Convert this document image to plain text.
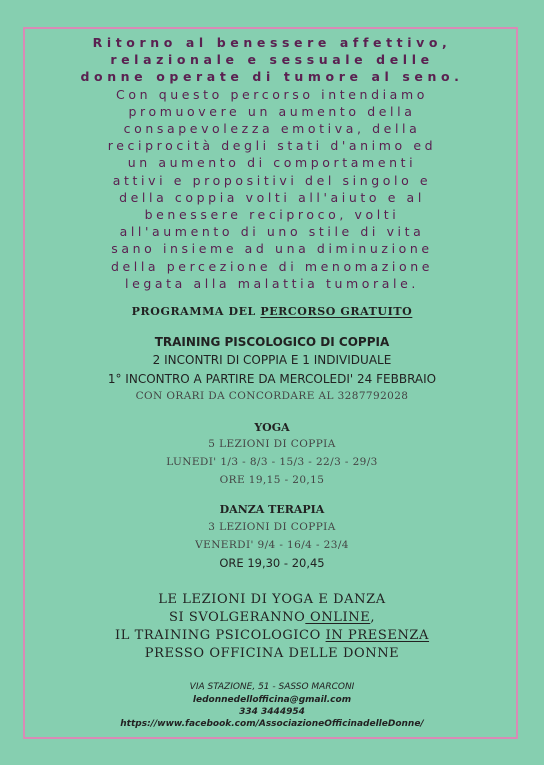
Ritorno al benessere affettivo,
relazionale e sessuale delle
donne operate di tumore al seno.
Con questo percorso intendiamo
promuovere un aumento della
consapevolezza emotiva, della
reciprocità degli stati d'animo ed
un aumento di comportamenti
attivi e propositivi del singolo e
della coppia volti all'aiuto e al
benessere reciproco, volti
all'aumento di uno stile di vita
sano insieme ad una diminuzione
della percezione di menomazione
legata alla malattia tumorale.
PROGRAMMA DEL PERCORSO GRATUITO
TRAINING PISCOLOGICO DI COPPIA
2 INCONTRI DI COPPIA E 1 INDIVIDUALE
1° INCONTRO A PARTIRE DA MERCOLEDI' 24 FEBBRAIO
CON ORARI DA CONCORDARE AL 3287792028
YOGA
5 LEZIONI DI COPPIA
LUNEDI' 1/3 - 8/3 - 15/3 - 22/3 - 29/3
ORE 19,15 - 20,15
DANZA TERAPIA
3 LEZIONI DI COPPIA
VENERDI' 9/4 - 16/4 - 23/4
ORE 19,30 - 20,45
LE LEZIONI DI YOGA E DANZA
SI SVOLGERANNO ONLINE,
IL TRAINING PSICOLOGICO IN PRESENZA
PRESSO OFFICINA DELLE DONNE
VIA STAZIONE, 51 - SASSO MARCONI
ledonnedellofficina@gmail.com
334 3444954
https://www.facebook.com/AssociazioneOfficinadelleDonne/
